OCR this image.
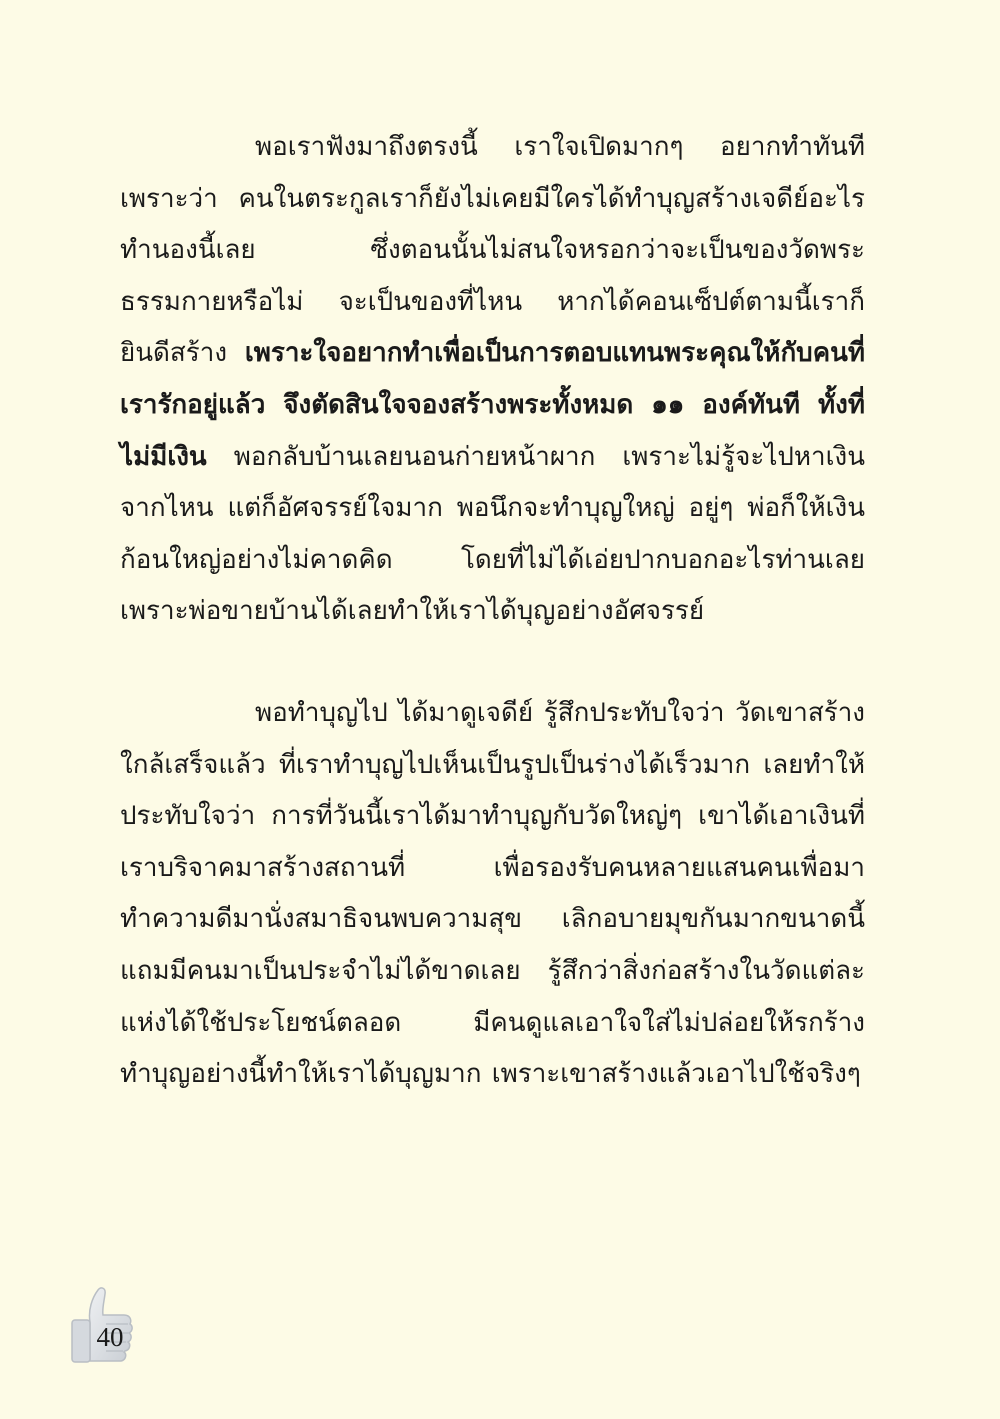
พอเราฟังมาถึงตรงนี้ เราใจเปิดมากๆ อยากทำทันที เพราะว่า คนในตระกูลเราก็ยังไม่เคยมีใครได้ทำบุญสร้างเจดีย์อะไรทำนองนี้เลย ซึ่งตอนนั้นไม่สนใจหรอกว่าจะเป็นของวัดพระธรรมกายหรือไม่ จะเป็นของที่ไหน หากได้คอนเซ็ปต์ตามนี้เราก็ยินดีสร้าง เพราะใจอยากทำเพื่อเป็นการตอบแทนพระคุณให้กับคนที่เรารักอยู่แล้ว จึงตัดสินใจจองสร้างพระทั้งหมด ๑๑ องค์ทันที ทั้งที่ไม่มีเงิน พอกลับบ้านเลยนอนก่ายหน้าผาก เพราะไม่รู้จะไปหาเงินจากไหน แต่ก็อัศจรรย์ใจมาก พอนึกจะทำบุญใหญ่ อยู่ๆ พ่อก็ให้เงินก้อนใหญ่อย่างไม่คาดคิด โดยที่ไม่ได้เอ่ยปากบอกอะไรท่านเลย เพราะพ่อขายบ้านได้เลยทำให้เราได้บุญอย่างอัศจรรย์

พอทำบุญไป ได้มาดูเจดีย์ รู้สึกประทับใจว่า วัดเขาสร้างใกล้เสร็จแล้ว ที่เราทำบุญไปเห็นเป็นรูปเป็นร่างได้เร็วมาก เลยทำให้ประทับใจว่า การที่วันนี้เราได้มาทำบุญกับวัดใหญ่ๆ เขาได้เอาเงินที่เราบริจาคมาสร้างสถานที่ เพื่อรองรับคนหลายแสนคนเพื่อมาทำความดีมานั่งสมาธิจนพบความสุข เลิกอบายมุขกันมากขนาดนี้ แถมมีคนมาเป็นประจำไม่ได้ขาดเลย รู้สึกว่าสิ่งก่อสร้างในวัดแต่ละแห่งได้ใช้ประโยชน์ตลอด มีคนดูแลเอาใจใส่ไม่ปล่อยให้รกร้าง ทำบุญอย่างนี้ทำให้เราได้บุญมาก เพราะเขาสร้างแล้วเอาไปใช้จริงๆ

40
